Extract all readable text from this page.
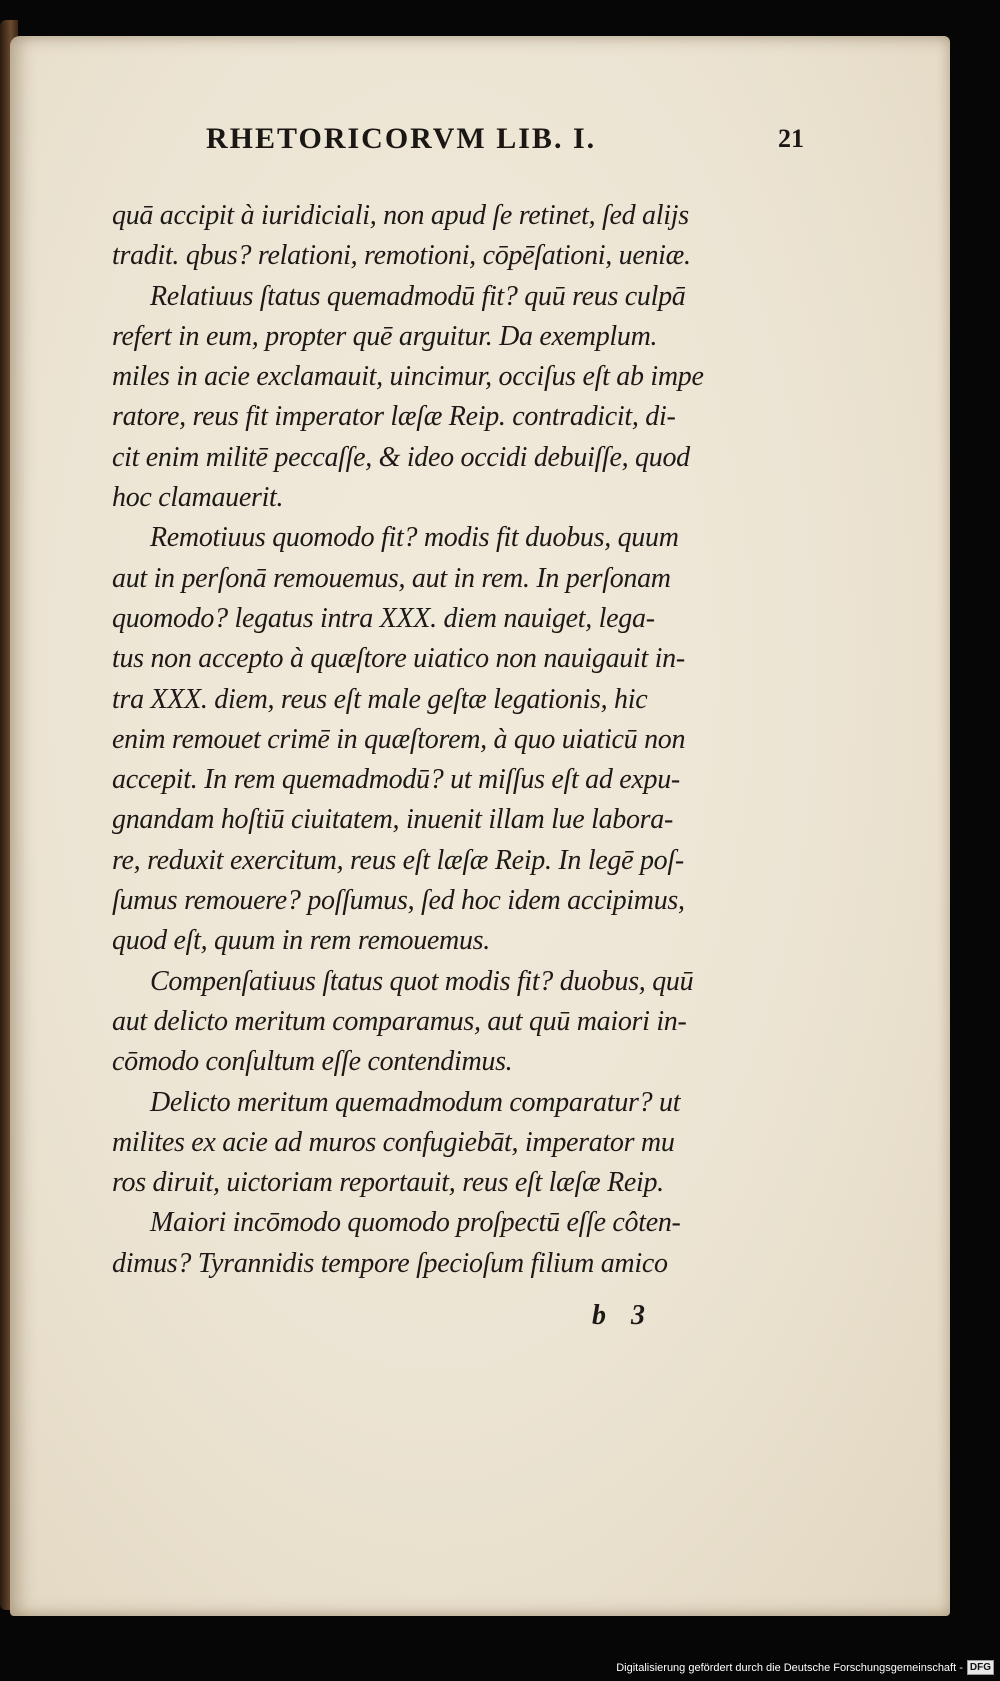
RHETORICORVM LIB. I.	21
quā accipit à iuridiciali, non apud ſe retinet, ſed aliјs
tradit. qbus? relationi, remotioni, cōpēſationi, ueniæ.
Relatiuus ſtatus quemadmodū fit? quū reus culpā
refert in eum, propter quē arguitur. Da exemplum.
miles in acie exclamauit, uincimur, occiſus eſt ab impe
ratore, reus fit imperator læſæ Reip. contradicit, di-
cit enim militē peccaſſe, & ideo occidi debuiſſe, quod
hoc clamauerit.
Remotiuus quomodo fit? modis fit duobus, quum
aut in perſonā remouemus, aut in rem. In perſonam
quomodo? legatus intra XXX. diem nauiget, lega-
tus non accepto à quæſtore uiatico non nauigauit in-
tra XXX. diem, reus eſt male geſtæ legationis, hic
enim remouet crimē in quæſtorem, à quo uiaticū non
accepit. In rem quemadmodū? ut miſſus eſt ad expu-
gnandam hoſtiū ciuitatem, inuenit illam lue labora-
re, reduxit exercitum, reus eſt læſæ Reip. In legē poſ-
ſumus remouere? poſſumus, ſed hoc idem accipimus,
quod eſt, quum in rem remouemus.
Compenſatiuus ſtatus quot modis fit? duobus, quū
aut delicto meritum comparamus, aut quū maiori in-
cōmodo conſultum eſſe contendimus.
Delicto meritum quemadmodum comparatur? ut
milites ex acie ad muros confugiebāt, imperator mu
ros diruit, uictoriam reportauit, reus eſt læſæ Reip.
Maiori incōmodo quomodo proſpectū eſſe côten-
dimus? Tyrannidis tempore ſpecioſum filium amico
b 3
Digitalisierung gefördert durch die Deutsche Forschungsgemeinschaft - DFG
